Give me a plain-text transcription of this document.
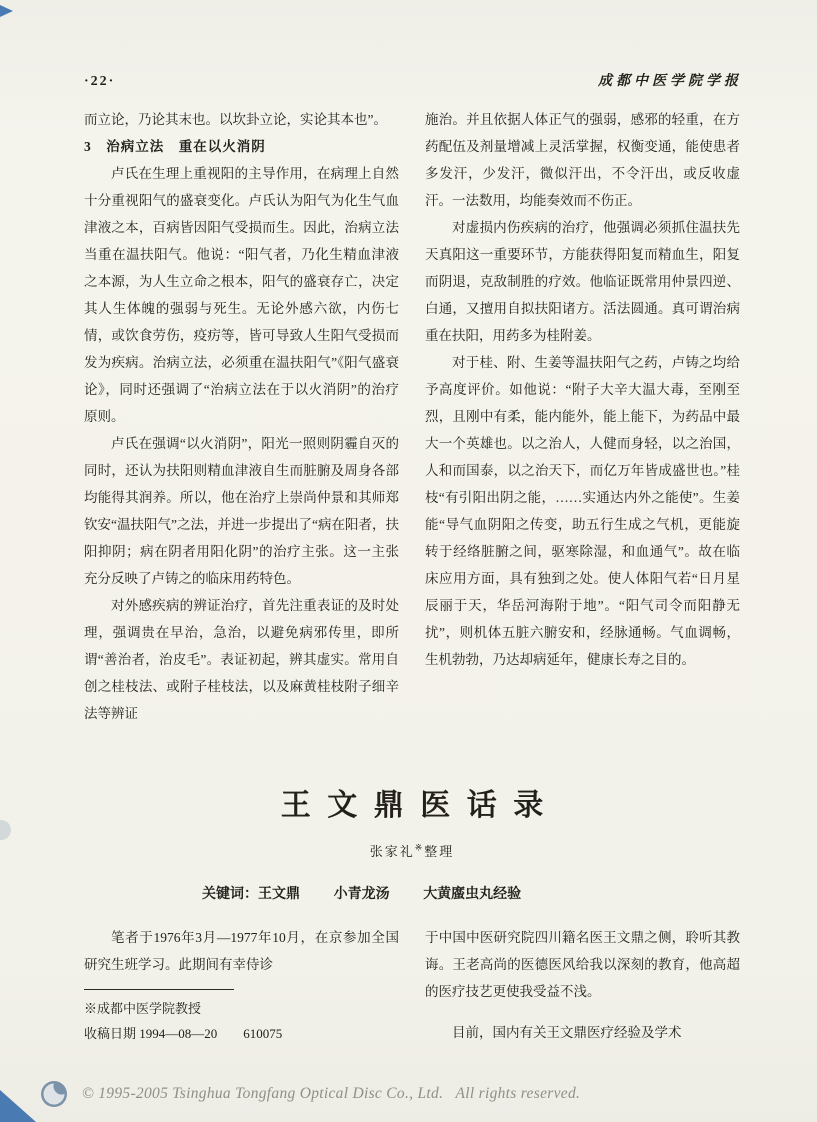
·22·	成都中医学院学报

而立论，乃论其末也。以坎卦立论，实论其本也”。

3　治病立法　重在以火消阴

卢氏在生理上重视阳的主导作用，在病理上自然十分重视阳气的盛衰变化。卢氏认为阳气为化生气血津液之本，百病皆因阳气受损而生。因此，治病立法当重在温扶阳气。他说：“阳气者，乃化生精血津液之本源，为人生立命之根本，阳气的盛衰存亡，决定其人生体魄的强弱与死生。无论外感六欲，内伤七情，或饮食劳伤，疫疠等，皆可导致人生阳气受损而发为疾病。治病立法，必须重在温扶阳气”《阳气盛衰论》，同时还强调了“治病立法在于以火消阴”的治疗原则。

卢氏在强调“以火消阴”，阳光一照则阴霾自灭的同时，还认为扶阳则精血津液自生而脏腑及周身各部均能得其润养。所以，他在治疗上崇尚仲景和其师郑钦安“温扶阳气”之法，并进一步提出了“病在阳者，扶阳抑阴；病在阴者用阳化阴”的治疗主张。这一主张充分反映了卢铸之的临床用药特色。

对外感疾病的辨证治疗，首先注重表证的及时处理，强调贵在早治，急治，以避免病邪传里，即所谓“善治者，治皮毛”。表证初起，辨其虚实。常用自创之桂枝法、或附子桂枝法，以及麻黄桂枝附子细辛法等辨证

施治。并且依据人体正气的强弱，感邪的轻重，在方药配伍及剂量增减上灵活掌握，权衡变通，能使患者多发汗，少发汗，微似汗出，不令汗出，或反收虚汗。一法数用，均能奏效而不伤正。

对虚损内伤疾病的治疗，他强调必须抓住温扶先天真阳这一重要环节，方能获得阳复而精血生，阳复而阴退，克敌制胜的疗效。他临证既常用仲景四逆、白通，又擅用自拟扶阳诸方。活法圆通。真可谓治病重在扶阳，用药多为桂附姜。

对于桂、附、生姜等温扶阳气之药，卢铸之均给予高度评价。如他说：“附子大辛大温大毒，至刚至烈，且刚中有柔，能内能外，能上能下，为药品中最大一个英雄也。以之治人，人健而身轻，以之治国，人和而国泰，以之治天下，而亿万年皆成盛世也。”桂枝“有引阳出阴之能，……实通达内外之能使”。生姜能“导气血阴阳之传变，助五行生成之气机，更能旋转于经络脏腑之间，驱寒除湿，和血通气”。故在临床应用方面，具有独到之处。使人体阳气若“日月星辰丽于天，华岳河海附于地”。“阳气司令而阳静无扰”，则机体五脏六腑安和，经脉通畅。气血调畅，生机勃勃，乃达却病延年，健康长寿之目的。

王文鼎医话录
张家礼※整理
关键词：王文鼎 小青龙汤 大黄䗪虫丸经验

笔者于1976年3月—1977年10月，在京参加全国研究生班学习。此期间有幸侍诊

※成都中医学院教授

收稿日期 1994—08—20　　610075

于中国中医研究院四川籍名医王文鼎之侧，聆听其教诲。王老高尚的医德医风给我以深刻的教育，他高超的医疗技艺更使我受益不浅。

目前，国内有关王文鼎医疗经验及学术

© 1995-2005 Tsinghua Tongfang Optical Disc Co., Ltd.   All rights reserved.
